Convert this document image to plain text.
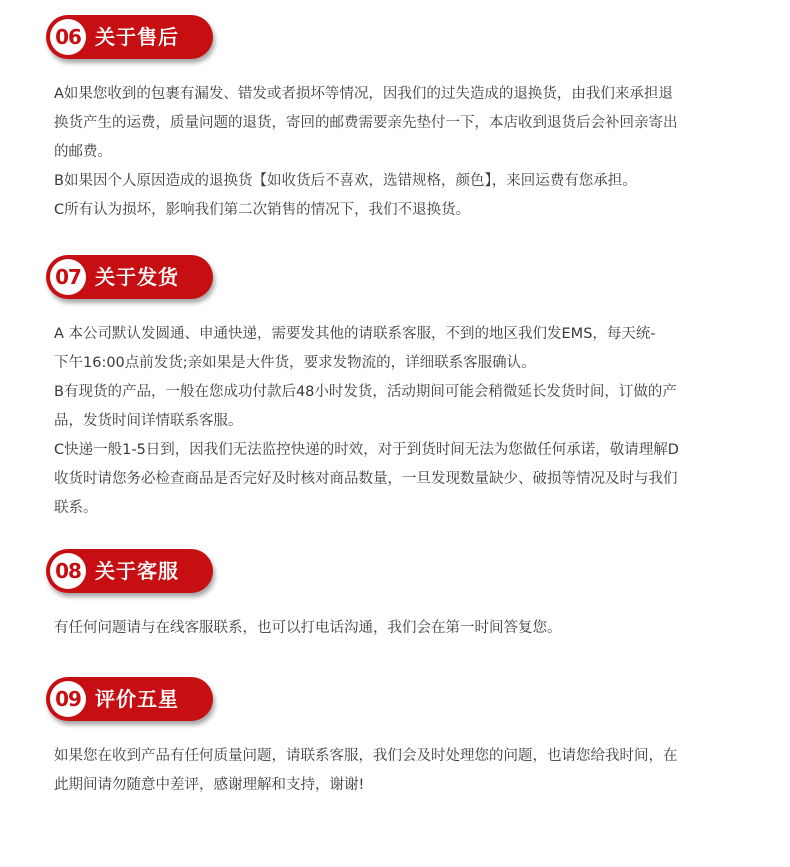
06 关于售后

A如果您收到的包裹有漏发、错发或者损坏等情况，因我们的过失造成的退换货，由我们来承担退

换货产生的运费，质量问题的退货，寄回的邮费需要亲先垫付一下，本店收到退货后会补回亲寄出

的邮费。

B如果因个人原因造成的退换货【如收货后不喜欢，选错规格，颜色】，来回运费有您承担。

C所有认为损坏，影响我们第二次销售的情况下，我们不退换货。

07 关于发货

A 本公司默认发圆通、申通快递，需要发其他的请联系客服，不到的地区我们发EMS，每天统-

下午16:00点前发货;亲如果是大件货，要求发物流的，详细联系客服确认。

B有现货的产品，一般在您成功付款后48小时发货，活动期间可能会稍微延长发货时间，订做的产

品，发货时间详情联系客服。

C快递一般1-5日到，因我们无法监控快递的时效，对于到货时间无法为您做任何承诺，敬请理解D

收货时请您务必检查商品是否完好及时核对商品数量，一旦发现数量缺少、破损等情况及时与我们

联系。

08 关于客服

有任何问题请与在线客服联系，也可以打电话沟通，我们会在第一时间答复您。

09 评价五星

如果您在收到产品有任何质量问题，请联系客服，我们会及时处理您的问题，也请您给我时间，在

此期间请勿随意中差评，感谢理解和支持，谢谢!
